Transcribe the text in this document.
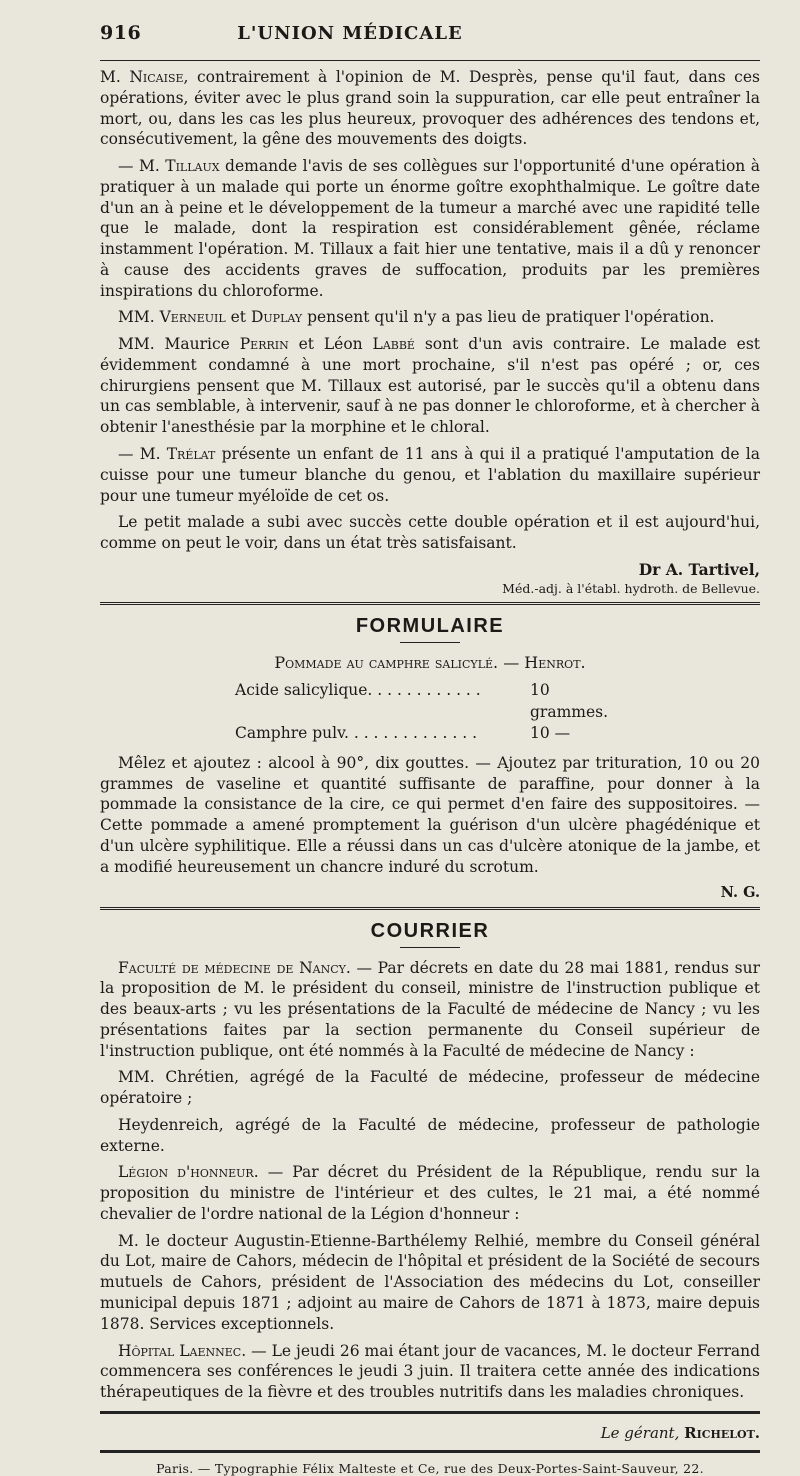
916	L'UNION MÉDICALE

M. Nicaise, contrairement à l'opinion de M. Desprès, pense qu'il faut, dans ces opérations, éviter avec le plus grand soin la suppuration, car elle peut entraîner la mort, ou, dans les cas les plus heureux, provoquer des adhérences des tendons et, consécutivement, la gêne des mouvements des doigts.

— M. Tillaux demande l'avis de ses collègues sur l'opportunité d'une opération à pratiquer à un malade qui porte un énorme goître exophthalmique. Le goître date d'un an à peine et le développement de la tumeur a marché avec une rapidité telle que le malade, dont la respiration est considérablement gênée, réclame instamment l'opération. M. Tillaux a fait hier une tentative, mais il a dû y renoncer à cause des accidents graves de suffocation, produits par les premières inspirations du chloroforme.

MM. Verneuil et Duplay pensent qu'il n'y a pas lieu de pratiquer l'opération.

MM. Maurice Perrin et Léon Labbé sont d'un avis contraire. Le malade est évidemment condamné à une mort prochaine, s'il n'est pas opéré ; or, ces chirurgiens pensent que M. Tillaux est autorisé, par le succès qu'il a obtenu dans un cas semblable, à intervenir, sauf à ne pas donner le chloroforme, et à chercher à obtenir l'anesthésie par la morphine et le chloral.

— M. Trélat présente un enfant de 11 ans à qui il a pratiqué l'amputation de la cuisse pour une tumeur blanche du genou, et l'ablation du maxillaire supérieur pour une tumeur myéloïde de cet os.

Le petit malade a subi avec succès cette double opération et il est aujourd'hui, comme on peut le voir, dans un état très satisfaisant.

Dr A. Tartivel,
Méd.-adj. à l'établ. hydroth. de Bellevue.
FORMULAIRE
Pommade au camphre salicylé. — Henrot.
Acide salicylique. . . . . . . . . . . .	10 grammes.
Camphre pulv. . . . . . . . . . . . . .	10 —

Mêlez et ajoutez : alcool à 90°, dix gouttes. — Ajoutez par trituration, 10 ou 20 grammes de vaseline et quantité suffisante de paraffine, pour donner à la pommade la consistance de la cire, ce qui permet d'en faire des suppositoires. — Cette pommade a amené promptement la guérison d'un ulcère phagédénique et d'un ulcère syphilitique. Elle a réussi dans un cas d'ulcère atonique de la jambe, et a modifié heureusement un chancre induré du scrotum.

N. G.
COURRIER

Faculté de médecine de Nancy. — Par décrets en date du 28 mai 1881, rendus sur la proposition de M. le président du conseil, ministre de l'instruction publique et des beaux-arts ; vu les présentations de la Faculté de médecine de Nancy ; vu les présentations faites par la section permanente du Conseil supérieur de l'instruction publique, ont été nommés à la Faculté de médecine de Nancy :

MM. Chrétien, agrégé de la Faculté de médecine, professeur de médecine opératoire ;

Heydenreich, agrégé de la Faculté de médecine, professeur de pathologie externe.

Légion d'honneur. — Par décret du Président de la République, rendu sur la proposition du ministre de l'intérieur et des cultes, le 21 mai, a été nommé chevalier de l'ordre national de la Légion d'honneur :

M. le docteur Augustin-Etienne-Barthélemy Relhié, membre du Conseil général du Lot, maire de Cahors, médecin de l'hôpital et président de la Société de secours mutuels de Cahors, président de l'Association des médecins du Lot, conseiller municipal depuis 1871 ; adjoint au maire de Cahors de 1871 à 1873, maire depuis 1878. Services exceptionnels.

Hôpital Laennec. — Le jeudi 26 mai étant jour de vacances, M. le docteur Ferrand commencera ses conférences le jeudi 3 juin. Il traitera cette année des indications thérapeutiques de la fièvre et des troubles nutritifs dans les maladies chroniques.

Le gérant, Richelot.
Paris. — Typographie Félix Malteste et Ce, rue des Deux-Portes-Saint-Sauveur, 22.
